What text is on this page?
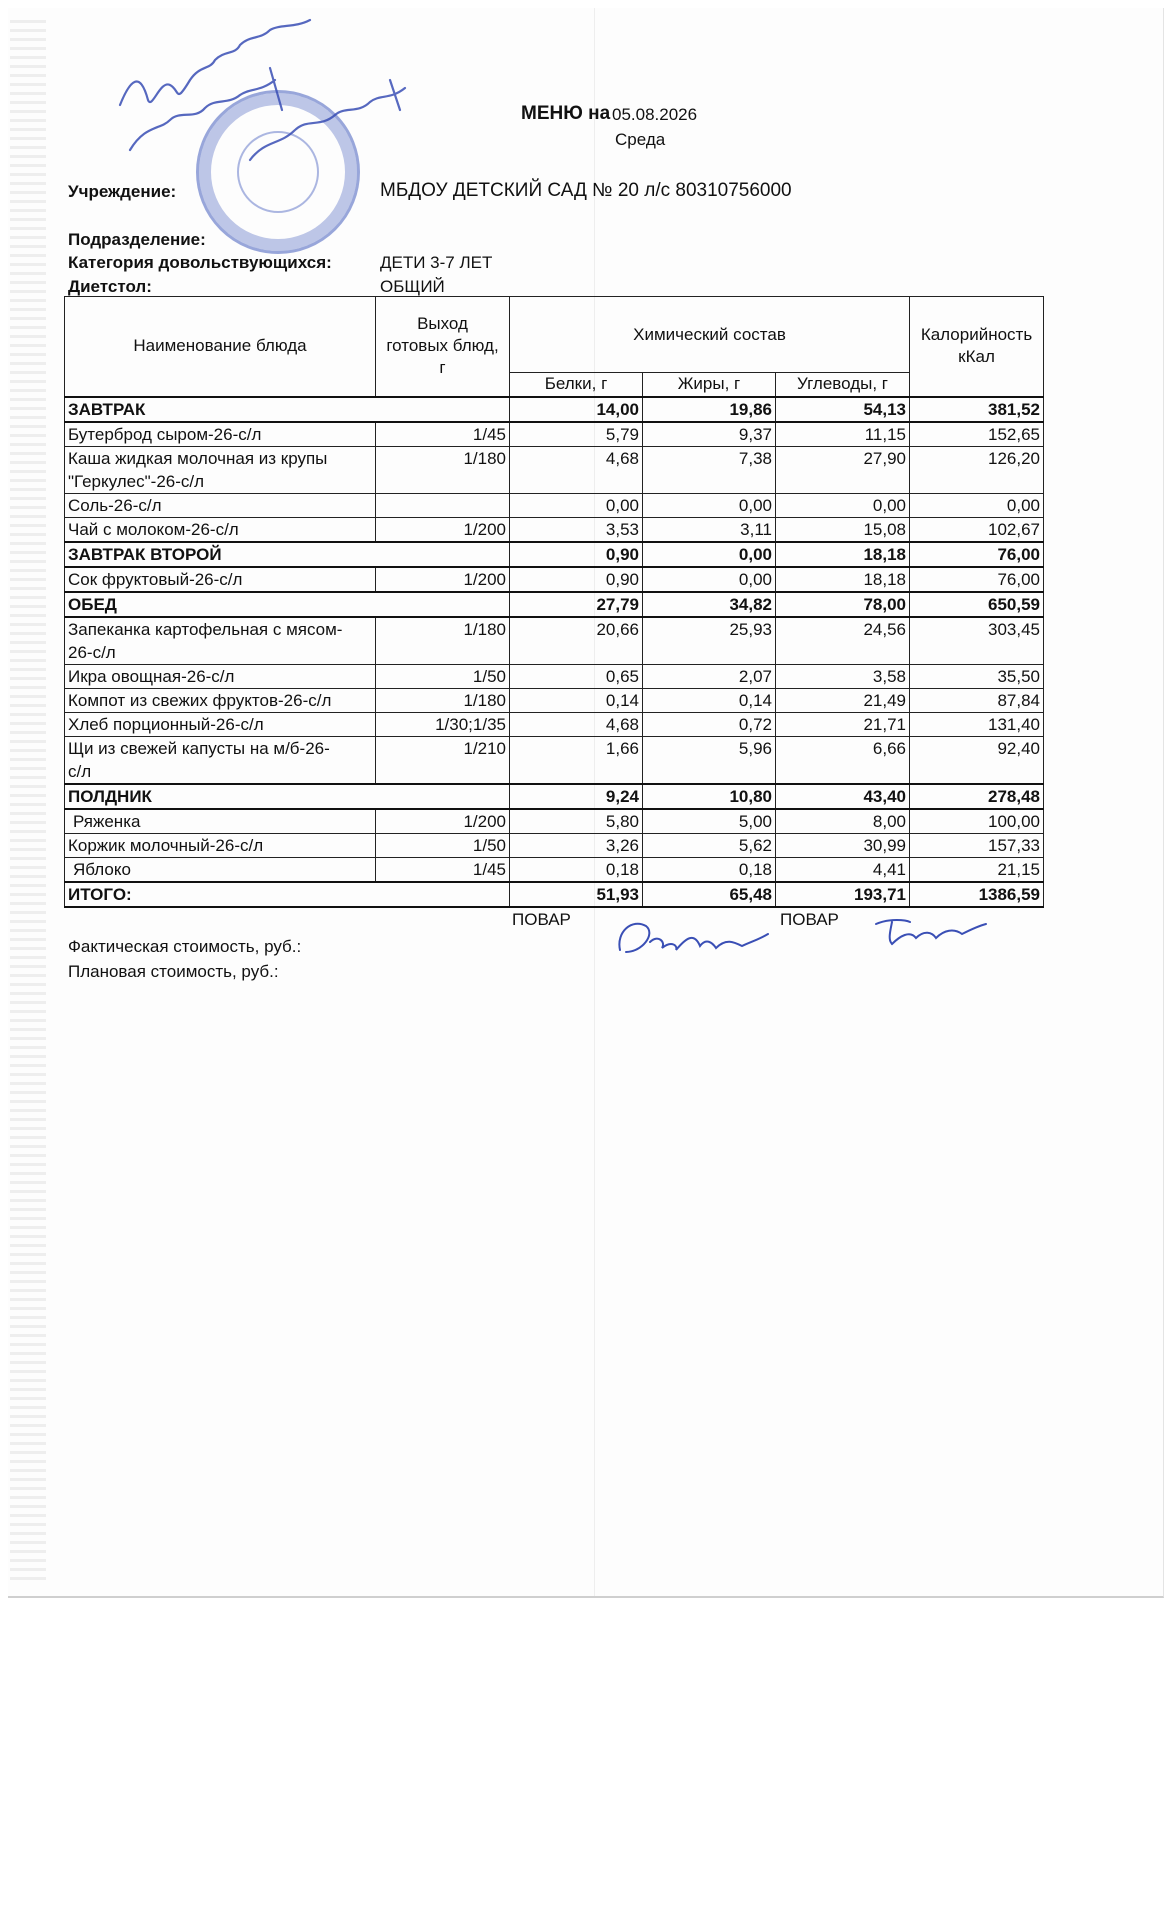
МЕНЮ на 05.08.2026
Среда
Учреждение:	МБДОУ ДЕТСКИЙ САД № 20 л/с 80310756000
Подразделение:
Категория довольствующихся:	ДЕТИ 3-7 ЛЕТ
Диетстол:	ОБЩИЙ
Наименование блюда	Выход
готовых блюд,
г	Химический состав			Калорийность
кКал
		Белки, г	Жиры, г	Углеводы, г	
ЗАВТРАК		14,00	19,86	54,13	381,52
Бутерброд сыром-26-с/л	1/45	5,79	9,37	11,15	152,65
Каша жидкая молочная из крупы
"Геркулес"-26-с/л	1/180	4,68	7,38	27,90	126,20
Соль-26-с/л		0,00	0,00	0,00	0,00
Чай с молоком-26-с/л	1/200	3,53	3,11	15,08	102,67
ЗАВТРАК ВТОРОЙ		0,90	0,00	18,18	76,00
Сок фруктовый-26-с/л	1/200	0,90	0,00	18,18	76,00
ОБЕД		27,79	34,82	78,00	650,59
Запеканка картофельная с мясом-
26-с/л	1/180	20,66	25,93	24,56	303,45
Икра овощная-26-с/л	1/50	0,65	2,07	3,58	35,50
Компот из свежих фруктов-26-с/л	1/180	0,14	0,14	21,49	87,84
Хлеб порционный-26-с/л	1/30;1/35	4,68	0,72	21,71	131,40
Щи из свежей капусты на м/б-26-
с/л	1/210	1,66	5,96	6,66	92,40
ПОЛДНИК		9,24	10,80	43,40	278,48
Ряженка	1/200	5,80	5,00	8,00	100,00
Коржик молочный-26-с/л	1/50	3,26	5,62	30,99	157,33
Яблоко	1/45	0,18	0,18	4,41	21,15
ИТОГО:		51,93	65,48	193,71	1386,59
ПОВАР	ПОВАР
Фактическая стоимость, руб.:
Плановая стоимость, руб.:
